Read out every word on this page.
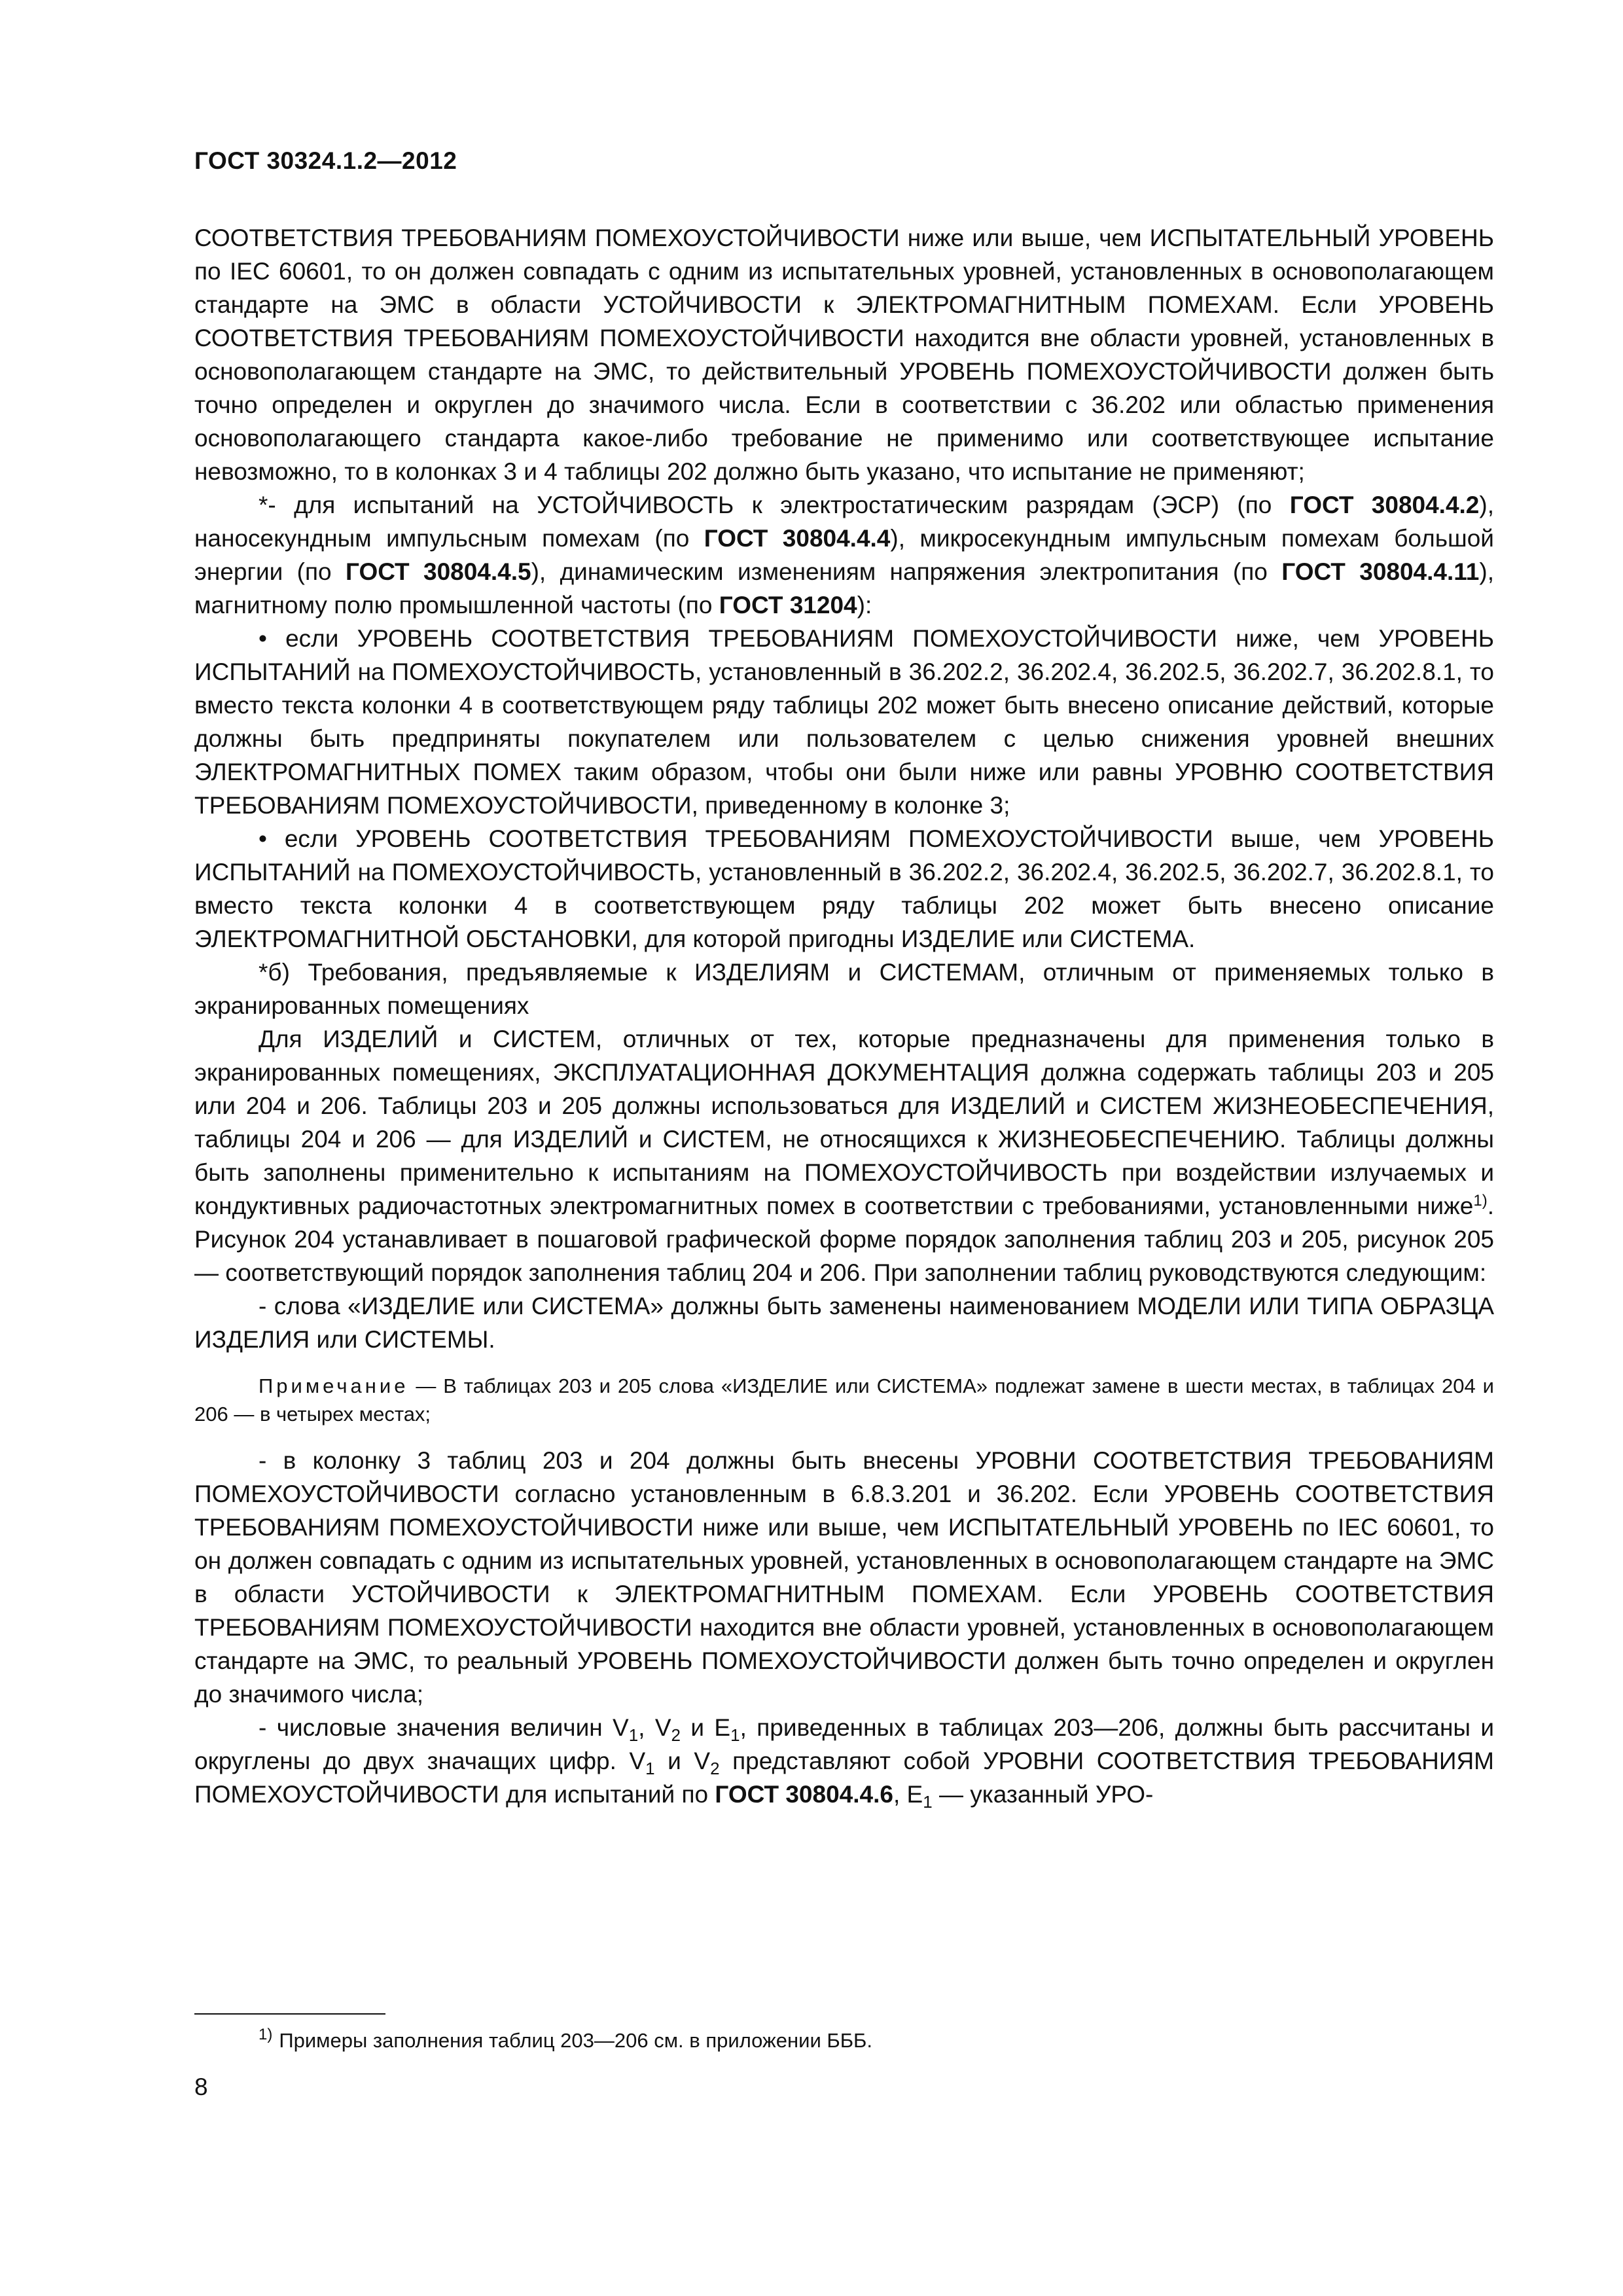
ГОСТ 30324.1.2—2012

СООТВЕТСТВИЯ ТРЕБОВАНИЯМ ПОМЕХОУСТОЙЧИВОСТИ ниже или выше, чем ИСПЫТАТЕЛЬНЫЙ УРОВЕНЬ по IEC 60601, то он должен совпадать с одним из испытательных уровней, установленных в основополагающем стандарте на ЭМС в области УСТОЙЧИВОСТИ к ЭЛЕКТРОМАГНИТНЫМ ПОМЕХАМ. Если УРОВЕНЬ СООТВЕТСТВИЯ ТРЕБОВАНИЯМ ПОМЕХОУСТОЙЧИВОСТИ находится вне области уровней, установленных в основополагающем стандарте на ЭМС, то действительный УРОВЕНЬ ПОМЕХОУСТОЙЧИВОСТИ должен быть точно определен и округлен до значимого числа. Если в соответствии с 36.202 или областью применения основополагающего стандарта какое-либо требование не применимо или соответствующее испытание невозможно, то в колонках 3 и 4 таблицы 202 должно быть указано, что испытание не применяют;

*- для испытаний на УСТОЙЧИВОСТЬ к электростатическим разрядам (ЭСР) (по ГОСТ 30804.4.2), наносекундным импульсным помехам (по ГОСТ 30804.4.4), микросекундным импульсным помехам большой энергии (по ГОСТ 30804.4.5), динамическим изменениям напряжения электропитания (по ГОСТ 30804.4.11), магнитному полю промышленной частоты (по ГОСТ 31204):

• если УРОВЕНЬ СООТВЕТСТВИЯ ТРЕБОВАНИЯМ ПОМЕХОУСТОЙЧИВОСТИ ниже, чем УРОВЕНЬ ИСПЫТАНИЙ на ПОМЕХОУСТОЙЧИВОСТЬ, установленный в 36.202.2, 36.202.4, 36.202.5, 36.202.7, 36.202.8.1, то вместо текста колонки 4 в соответствующем ряду таблицы 202 может быть внесено описание действий, которые должны быть предприняты покупателем или пользователем с целью снижения уровней внешних ЭЛЕКТРОМАГНИТНЫХ ПОМЕХ таким образом, чтобы они были ниже или равны УРОВНЮ СООТВЕТСТВИЯ ТРЕБОВАНИЯМ ПОМЕХОУСТОЙЧИВОСТИ, приведенному в колонке 3;

• если УРОВЕНЬ СООТВЕТСТВИЯ ТРЕБОВАНИЯМ ПОМЕХОУСТОЙЧИВОСТИ выше, чем УРОВЕНЬ ИСПЫТАНИЙ на ПОМЕХОУСТОЙЧИВОСТЬ, установленный в 36.202.2, 36.202.4, 36.202.5, 36.202.7, 36.202.8.1, то вместо текста колонки 4 в соответствующем ряду таблицы 202 может быть внесено описание ЭЛЕКТРОМАГНИТНОЙ ОБСТАНОВКИ, для которой пригодны ИЗДЕЛИЕ или СИСТЕМА.

*б) Требования, предъявляемые к ИЗДЕЛИЯМ и СИСТЕМАМ, отличным от применяемых только в экранированных помещениях

Для ИЗДЕЛИЙ и СИСТЕМ, отличных от тех, которые предназначены для применения только в экранированных помещениях, ЭКСПЛУАТАЦИОННАЯ ДОКУМЕНТАЦИЯ должна содержать таблицы 203 и 205 или 204 и 206. Таблицы 203 и 205 должны использоваться для ИЗДЕЛИЙ и СИСТЕМ ЖИЗНЕОБЕСПЕЧЕНИЯ, таблицы 204 и 206 — для ИЗДЕЛИЙ и СИСТЕМ, не относящихся к ЖИЗНЕОБЕСПЕЧЕНИЮ. Таблицы должны быть заполнены применительно к испытаниям на ПОМЕХОУСТОЙЧИВОСТЬ при воздействии излучаемых и кондуктивных радиочастотных электромагнитных помех в соответствии с требованиями, установленными ниже$^{1)}$. Рисунок 204 устанавливает в пошаговой графической форме порядок заполнения таблиц 203 и 205, рисунок 205 — соответствующий порядок заполнения таблиц 204 и 206. При заполнении таблиц руководствуются следующим:

- слова «ИЗДЕЛИЕ или СИСТЕМА» должны быть заменены наименованием МОДЕЛИ ИЛИ ТИПА ОБРАЗЦА ИЗДЕЛИЯ или СИСТЕМЫ.

Примечание — В таблицах 203 и 205 слова «ИЗДЕЛИЕ или СИСТЕМА» подлежат замене в шести местах, в таблицах 204 и 206 — в четырех местах;

- в колонку 3 таблиц 203 и 204 должны быть внесены УРОВНИ СООТВЕТСТВИЯ ТРЕБОВАНИЯМ ПОМЕХОУСТОЙЧИВОСТИ согласно установленным в 6.8.3.201 и 36.202. Если УРОВЕНЬ СООТВЕТСТВИЯ ТРЕБОВАНИЯМ ПОМЕХОУСТОЙЧИВОСТИ ниже или выше, чем ИСПЫТАТЕЛЬНЫЙ УРОВЕНЬ по IEC 60601, то он должен совпадать с одним из испытательных уровней, установленных в основополагающем стандарте на ЭМС в области УСТОЙЧИВОСТИ к ЭЛЕКТРОМАГНИТНЫМ ПОМЕХАМ. Если УРОВЕНЬ СООТВЕТСТВИЯ ТРЕБОВАНИЯМ ПОМЕХОУСТОЙЧИВОСТИ находится вне области уровней, установленных в основополагающем стандарте на ЭМС, то реальный УРОВЕНЬ ПОМЕХОУСТОЙЧИВОСТИ должен быть точно определен и округлен до значимого числа;

- числовые значения величин $V_1$, $V_2$ и $E_1$, приведенных в таблицах 203—206, должны быть рассчитаны и округлены до двух значащих цифр. $V_1$ и $V_2$ представляют собой УРОВНИ СООТВЕТСТВИЯ ТРЕБОВАНИЯМ ПОМЕХОУСТОЙЧИВОСТИ для испытаний по ГОСТ 30804.4.6, $E_1$ — указанный УРО-

$^{1)}$ Примеры заполнения таблиц 203—206 см. в приложении БББ.
8
